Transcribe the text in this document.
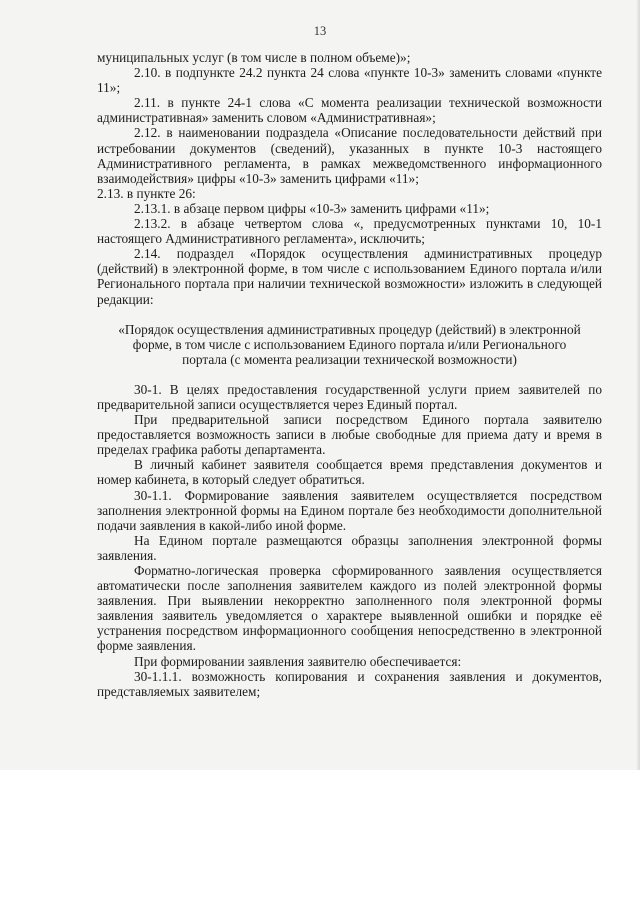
13

муниципальных услуг (в том числе в полном объеме)»;

2.10. в подпункте 24.2 пункта 24 слова «пункте 10-3» заменить словами «пункте 11»;

2.11. в пункте 24-1 слова «С момента реализации технической возможности административная» заменить словом «Административная»;

2.12. в наименовании подраздела «Описание последовательности действий при истребовании документов (сведений), указанных в пункте 10-3 настоящего Административного регламента, в рамках межведомственного информационного взаимодействия» цифры «10-3» заменить цифрами «11»;

2.13. в пункте 26:

2.13.1. в абзаце первом цифры «10-3» заменить цифрами «11»;

2.13.2. в абзаце четвертом слова «, предусмотренных пунктами 10, 10-1 настоящего Административного регламента», исключить;

2.14. подраздел «Порядок осуществления административных процедур (действий) в электронной форме, в том числе с использованием Единого портала и/или Регионального портала при наличии технической возможности» изложить в следующей редакции:

«Порядок осуществления административных процедур (действий) в электронной форме, в том числе с использованием Единого портала и/или Регионального портала (с момента реализации технической возможности)

30-1. В целях предоставления государственной услуги прием заявителей по предварительной записи осуществляется через Единый портал.

При предварительной записи посредством Единого портала заявителю предоставляется возможность записи в любые свободные для приема дату и время в пределах графика работы департамента.

В личный кабинет заявителя сообщается время представления документов и номер кабинета, в который следует обратиться.

30-1.1. Формирование заявления заявителем осуществляется посредством заполнения электронной формы на Едином портале без необходимости дополнительной подачи заявления в какой-либо иной форме.

На Едином портале размещаются образцы заполнения электронной формы заявления.

Форматно-логическая проверка сформированного заявления осуществляется автоматически после заполнения заявителем каждого из полей электронной формы заявления. При выявлении некорректно заполненного поля электронной формы заявления заявитель уведомляется о характере выявленной ошибки и порядке её устранения посредством информационного сообщения непосредственно в электронной форме заявления.

При формировании заявления заявителю обеспечивается:

30-1.1.1. возможность копирования и сохранения заявления и документов, представляемых заявителем;
